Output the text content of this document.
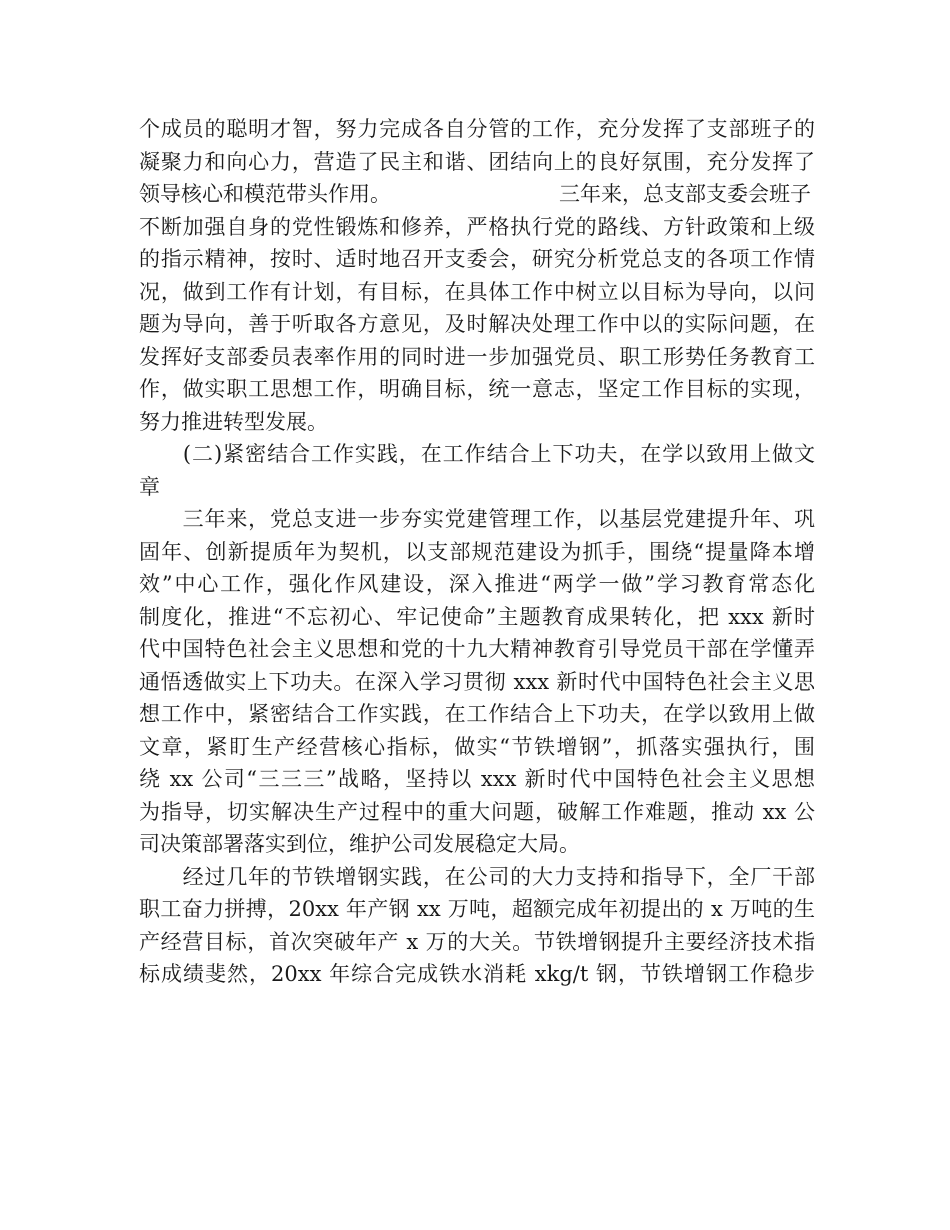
个成员的聪明才智，努力完成各自分管的工作，充分发挥了支部班子的
凝聚力和向心力，营造了民主和谐、团结向上的良好氛围，充分发挥了
领导核心和模范带头作用。	三年来，总支部支委会班子
不断加强自身的党性锻炼和修养，严格执行党的路线、方针政策和上级
的指示精神，按时、适时地召开支委会，研究分析党总支的各项工作情
况，做到工作有计划，有目标，在具体工作中树立以目标为导向，以问
题为导向，善于听取各方意见，及时解决处理工作中以的实际问题，在
发挥好支部委员表率作用的同时进一步加强党员、职工形势任务教育工
作，做实职工思想工作，明确目标，统一意志，坚定工作目标的实现，
努力推进转型发展。
　　(二)紧密结合工作实践，在工作结合上下功夫，在学以致用上做文
章
　　三年来，党总支进一步夯实党建管理工作，以基层党建提升年、巩
固年、创新提质年为契机，以支部规范建设为抓手，围绕“提量降本增
效”中心工作，强化作风建设，深入推进“两学一做”学习教育常态化
制度化，推进“不忘初心、牢记使命”主题教育成果转化，把 xxx 新时
代中国特色社会主义思想和党的十九大精神教育引导党员干部在学懂弄
通悟透做实上下功夫。在深入学习贯彻 xxx 新时代中国特色社会主义思
想工作中，紧密结合工作实践，在工作结合上下功夫，在学以致用上做
文章，紧盯生产经营核心指标，做实“节铁增钢”，抓落实强执行，围
绕 xx 公司“三三三”战略，坚持以 xxx 新时代中国特色社会主义思想
为指导，切实解决生产过程中的重大问题，破解工作难题，推动 xx 公
司决策部署落实到位，维护公司发展稳定大局。
　　经过几年的节铁增钢实践，在公司的大力支持和指导下，全厂干部
职工奋力拼搏，20xx 年产钢 xx 万吨，超额完成年初提出的 x 万吨的生
产经营目标，首次突破年产 x 万的大关。节铁增钢提升主要经济技术指
标成绩斐然，20xx 年综合完成铁水消耗 xkg/t 钢，节铁增钢工作稳步
